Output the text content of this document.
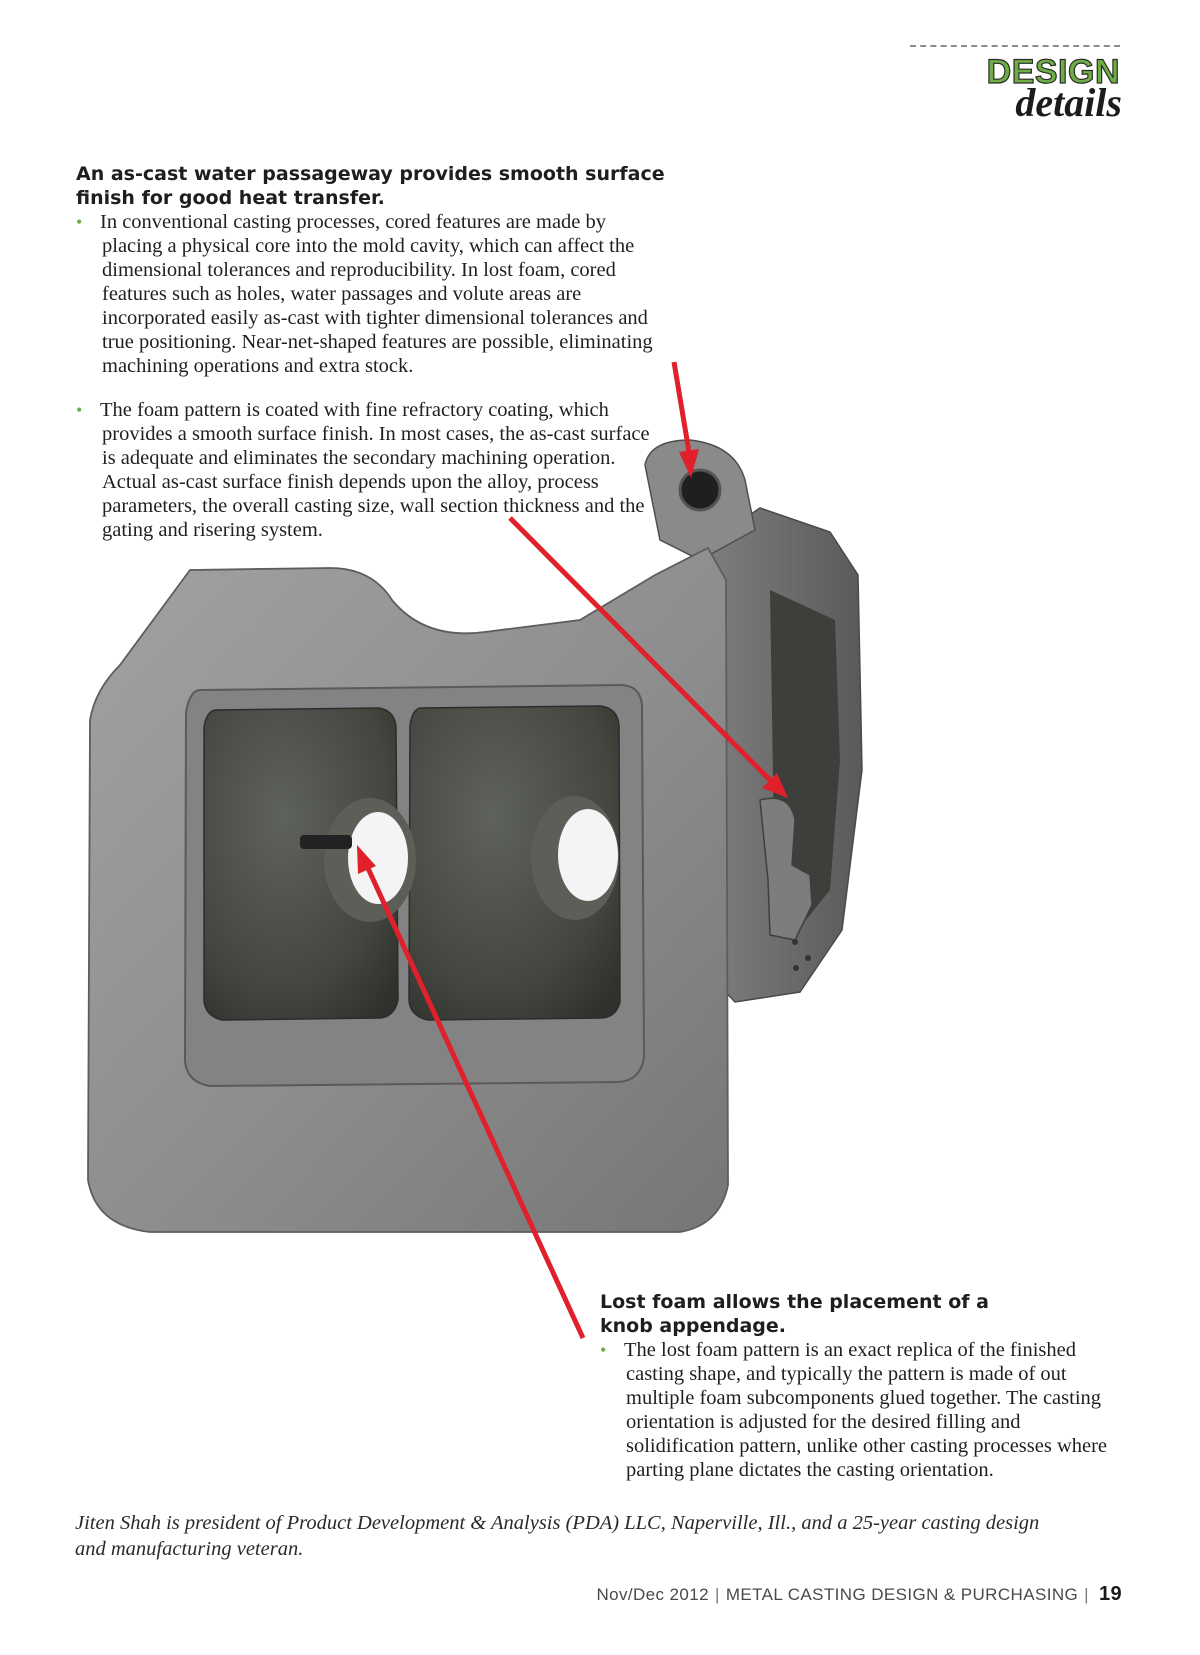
DESIGN
details
An as-cast water passageway provides smooth surface finish for good heat transfer.
• In conventional casting processes, cored features are made by placing a physical core into the mold cavity, which can affect the dimensional tolerances and reproducibility. In lost foam, cored features such as holes, water passages and volute areas are incorporated easily as-cast with tighter dimensional tolerances and true positioning. Near-net-shaped features are possible, eliminating machining operations and extra stock.

• The foam pattern is coated with fine refractory coating, which provides a smooth surface finish. In most cases, the as-cast surface is adequate and eliminates the secondary machining operation. Actual as-cast surface finish depends upon the alloy, process parameters, the overall casting size, wall section thickness and the gating and risering system.

Lost foam allows the placement of a knob appendage.
• The lost foam pattern is an exact replica of the finished casting shape, and typically the pattern is made of out multiple foam subcomponents glued together. The casting orientation is adjusted for the desired filling and solidification pattern, unlike other casting processes where parting plane dictates the casting orientation.

Jiten Shah is president of Product Development & Analysis (PDA) LLC, Naperville, Ill., and a 25-year casting design and manufacturing veteran.
Nov/Dec 2012 | METAL CASTING DESIGN & PURCHASING | 19
